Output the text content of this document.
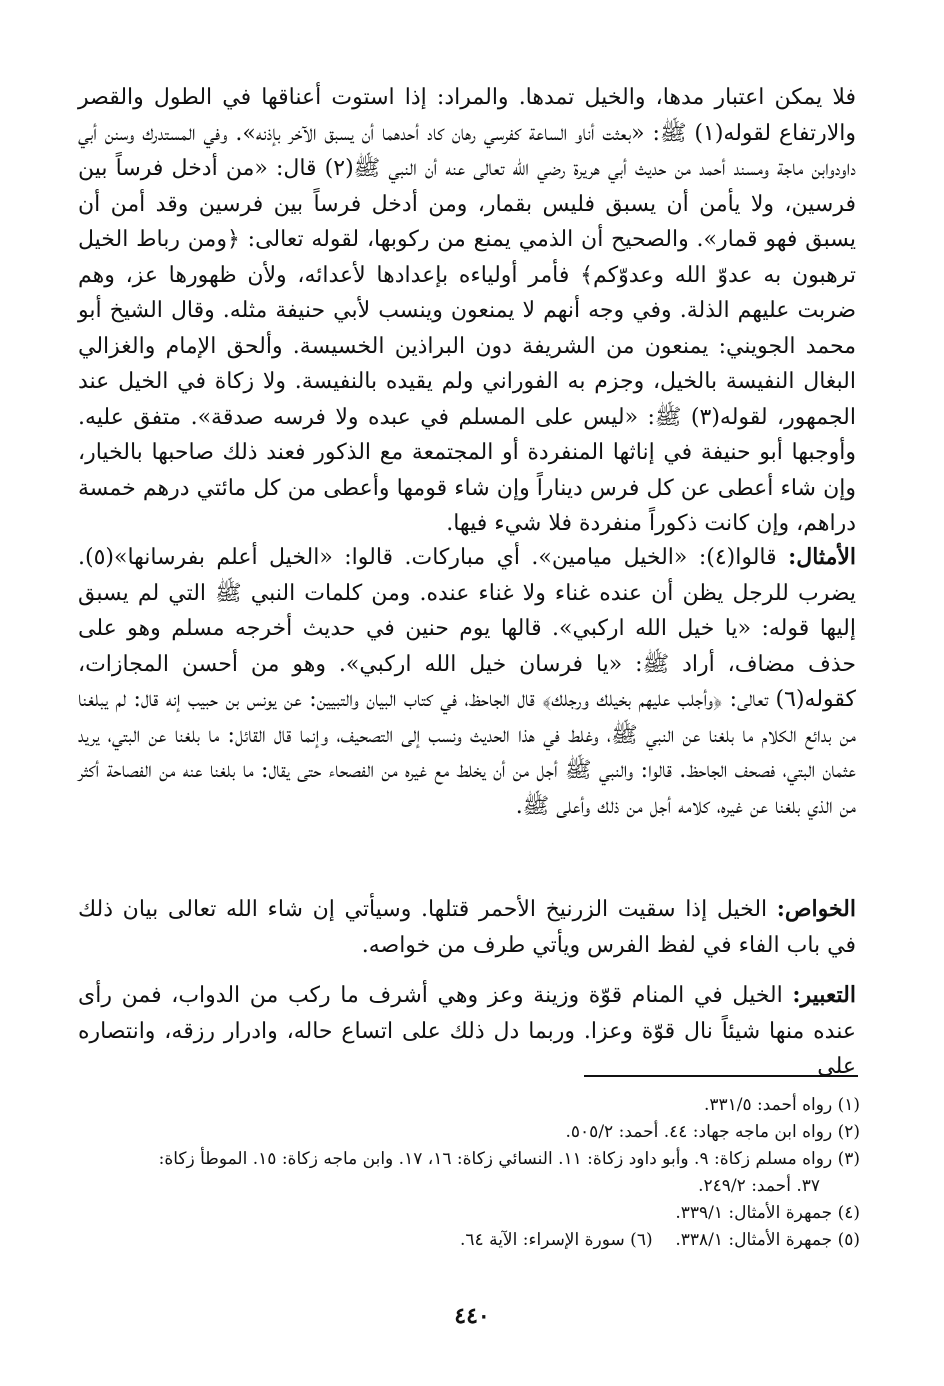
فلا يمكن اعتبار مدها، والخيل تمدها. والمراد: إذا استوت أعناقها في الطول والقصر والارتفاع لقوله(١) ﷺ: «بعثت أناو الساعة كفرسي رهان كاد أحدهما أن يسبق الآخر بإذنه». وفي المستدرك وسنن أبي داودوابن ماجة ومسند أحمد من حديث أبي هريرة رضي الله تعالى عنه أن النبي ﷺ(٢) قال: «من أدخل فرساً بين فرسين، ولا يأمن أن يسبق فليس بقمار، ومن أدخل فرساً بين فرسين وقد أمن أن يسبق فهو قمار». والصحيح أن الذمي يمنع من ركوبها، لقوله تعالى: ﴿ومن رباط الخيل ترهبون به عدوّ الله وعدوّكم﴾ فأمر أولياءه بإعدادها لأعدائه، ولأن ظهورها عز، وهم ضربت عليهم الذلة. وفي وجه أنهم لا يمنعون وينسب لأبي حنيفة مثله. وقال الشيخ أبو محمد الجويني: يمنعون من الشريفة دون البراذين الخسيسة. وألحق الإمام والغزالي البغال النفيسة بالخيل، وجزم به الفوراني ولم يقيده بالنفيسة. ولا زكاة في الخيل عند الجمهور، لقوله(٣) ﷺ: «ليس على المسلم في عبده ولا فرسه صدقة». متفق عليه. وأوجبها أبو حنيفة في إناثها المنفردة أو المجتمعة مع الذكور فعند ذلك صاحبها بالخيار، وإن شاء أعطى عن كل فرس ديناراً وإن شاء قومها وأعطى من كل مائتي درهم خمسة دراهم، وإن كانت ذكوراً منفردة فلا شيء فيها.

الأمثال: قالوا(٤): «الخيل ميامين». أي مباركات. قالوا: «الخيل أعلم بفرسانها»(٥). يضرب للرجل يظن أن عنده غناء ولا غناء عنده. ومن كلمات النبي ﷺ التي لم يسبق إليها قوله: «يا خيل الله اركبي». قالها يوم حنين في حديث أخرجه مسلم وهو على حذف مضاف، أراد ﷺ: «يا فرسان خيل الله اركبي». وهو من أحسن المجازات، كقوله(٦) تعالى: ﴿وأجلب عليهم بخيلك ورجلك﴾ قال الجاحظ، في كتاب البيان والتبيين: عن يونس بن حبيب إنه قال: لم يبلغنا من بدائع الكلام ما بلغنا عن النبي ﷺ، وغلط في هذا الحديث ونسب إلى التصحيف، وإنما قال القائل: ما بلغنا عن البتي، يريد عثمان البتي، فصحف الجاحظ. قالوا: والنبي ﷺ أجل من أن يخلط مع غيره من الفصحاء حتى يقال: ما بلغنا عنه من الفصاحة أكثر من الذي بلغنا عن غيره، كلامه أجل من ذلك وأعلى ﷺ.

الخواص: الخيل إذا سقيت الزرنيخ الأحمر قتلها. وسيأتي إن شاء الله تعالى بيان ذلك في باب الفاء في لفظ الفرس ويأتي طرف من خواصه.

التعبير: الخيل في المنام قوّة وزينة وعز وهي أشرف ما ركب من الدواب، فمن رأى عنده منها شيئاً نال قوّة وعزا. وربما دل ذلك على اتساع حاله، وادرار رزقه، وانتصاره على

(١) رواه أحمد: ٣٣١/٥.

(٢) رواه ابن ماجه جهاد: ٤٤. أحمد: ٥٠٥/٢.

(٣) رواه مسلم زكاة: ٩. وأبو داود زكاة: ١١. النسائي زكاة: ١٦، ١٧. وابن ماجه زكاة: ١٥. الموطأ زكاة:
٣٧. أحمد: ٢٤٩/٢.

(٤) جمهرة الأمثال: ٣٣٩/١.

(٥) جمهرة الأمثال: ٣٣٨/١.
(٦) سورة الإسراء: الآية ٦٤.
٤٤٠
